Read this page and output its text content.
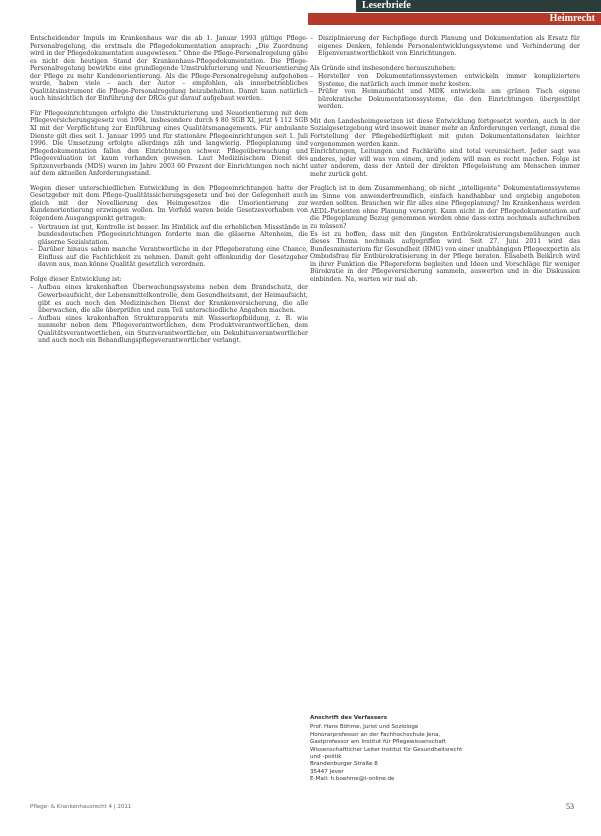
Leserbriefe
Heimrecht

Entscheidender Impuls im Krankenhaus war die ab 1. Januar 1993 gültige Pflege-Personalregelung, die erstmals die Pflegedokumentation ansprach: „Die Zuordnung wird in der Pflegedokumentation ausgewiesen.“ Ohne die Pflege-Personalregelung gäbe es nicht den heutigen Stand der Krankenhaus-Pflegedokumentation. Die Pflege-Personalregelung bewirkte eine grundlegende Umstrukturierung und Neuorientierung der Pflege zu mehr Kundenorientierung. Als die Pflege-Personalregelung aufgehoben wurde, haben viele – auch der Autor – empfohlen, als innerbetriebliches Qualitätsinstrument die Pflege-Personalregelung beizubehalten. Damit kann natürlich auch hinsichtlich der Einführung der DRGs gut darauf aufgebaut werden.

Für Pflegeeinrichtungen erfolgte die Umstrukturierung und Neuorientierung mit dem Pflegeversicherungsgesetz von 1994, insbesondere durch § 80 SGB XI, jetzt § 112 SGB XI mit der Verpflichtung zur Einführung eines Qualitätsmanagements. Für ambulante Dienste gilt dies seit 1. Januar 1995 und für stationäre Pflegeeinrichtungen seit 1. Juli 1996. Die Umsetzung erfolgte allerdings zäh und langwierig. Pflegeplanung und Pflegedokumentation fallen den Einrichtungen schwer. Pflegeüberwachung und Pflegeevaluation ist kaum vorhanden gewesen. Laut Medizinischem Dienst des Spitzenverbands (MDS) waren im Jahre 2003 60 Prozent der Einrichtungen noch nicht auf dem aktuellen Anforderungsstand.

Wegen dieser unterschiedlichen Entwicklung in den Pflegeeinrichtungen hatte der Gesetzgeber mit dem Pflege-Qualitätssicherungsgesetz und bei der Gelegenheit auch gleich mit der Novellierung des Heimgesetzes die Umorientierung zur Kundenorientierung erzwingen wollen. Im Vorfeld waren beide Gesetzesvorhaben von folgendem Ausgangspunkt getragen:

– Vertrauen ist gut, Kontrolle ist besser. Im Hinblick auf die erheblichen Missstände in bundesdeutschen Pflegeeinrichtungen forderte man die gläserne Altenheim, die gläserne Sozialstation.
– Darüber hinaus sahen manche Verantwortliche in der Pflegeberatung eine Chance, Einfluss auf die Fachlichkeit zu nehmen. Damit geht offenkundig der Gesetzgeber davon aus, man könne Qualität gesetzlich verordnen.

Folge dieser Entwicklung ist:

– Aufbau eines krakenhaften Überwachungssystems neben dem Brandschutz, der Gewerbeaufsicht, der Lebensmittelkontrolle, dem Gesundheitsamt, der Heimaufsicht, gibt es auch noch den Medizinischen Dienst der Krankenversicherung, die alle überwachen, die alle überprüfen und zum Teil unterschiedliche Angaben machen.
– Aufbau eines krakenhaften Strukturapparats mit Wasserkopfbildung, z. B. wie nunmehr neben dem Pflegeverantwortlichen, dem Produktverantwortlichen, dem Qualitätsverantwortlichen, ein Sturzverantwortlicher, ein Dekubitusverantwortlicher und auch noch ein Behandlungspflegeverantwortlicher verlangt.
– Disziplinierung der Fachpflege durch Planung und Dokumentation als Ersatz für eigenes Denken, fehlende Personalentwicklungssysteme und Verhinderung der Eigenverantwortlichkeit von Einrichtungen.

Als Gründe sind insbesondere herauszuheben:

– Hersteller von Dokumentationssystemen entwickeln immer kompliziertere Systeme, die natürlich auch immer mehr kosten.
– Prüfer von Heimaufsicht und MDK entwickeln am grünen Tisch eigene bürokratische Dokumentationssysteme, die den Einrichtungen übergestülpt werden.

Mit den Landesheimgesetzen ist diese Entwicklung fortgesetzt worden, auch in der Sozialgesetzgebung wird insoweit immer mehr an Anforderungen verlangt, zumal die Fortstellung der Pflegebedürftigkeit mit guten Dokumentationsdaten leichter vorgenommen werden kann.

Einrichtungen, Leitungen und Fachkräfte sind total verunsichert. Jeder sagt was anderes, jeder will was von einem, und jedem will man es recht machen. Folge ist unter anderem, dass der Anteil der direkten Pflegeleistung am Menschen immer mehr zurück geht.

Fraglich ist in dem Zusammenhang, ob nicht „intelligente“ Dokumentationssysteme im Sinne von anwenderfreundlich, einfach handhabbar und ergiebig angeboten werden sollten. Brauchen wir für alles eine Pflegeplanung? Im Krankenhaus werden AEDL-Patienten ohne Planung versorgt. Kann nicht in der Pflegedokumentation auf die Pflegeplanung Bezug genommen werden ohne dass extra nochmals aufschreiben zu müssen?

Es ist zu hoffen, dass mit den jüngsten Entbürokratisierungsbemühungen auch dieses Thema nochmals aufgegriffen wird. Seit 27. Juni 2011 wird das Bundesministerium für Gesundheit (BMG) von einer unabhängigen Pflegeexpertin als Ombudsfrau für Entbürokratisierung in der Pflege beraten. Elisabeth Beikirch wird in ihrer Funktion die Pflegereform begleiten und Ideen und Vorschläge für weniger Bürokratie in der Pflegeversicherung sammeln, auswerten und in die Diskussion einbinden. Na, warten wir mal ab.

Anschrift des Verfassers
Prof. Hans Böhme, Jurist und Soziologe
Honorarprofessor an der Fachhochschule Jena,
Gastprofessor am Institut für Pflegewissenschaft
Wissenschaftlicher Leiter Institut für Gesundheitsrecht
und -politik
Brandenburger Straße 8
35447 Jever
E-Mail: h.boehme@t-online.de
Pflege- & Krankenhausrecht 4 | 2011	53
